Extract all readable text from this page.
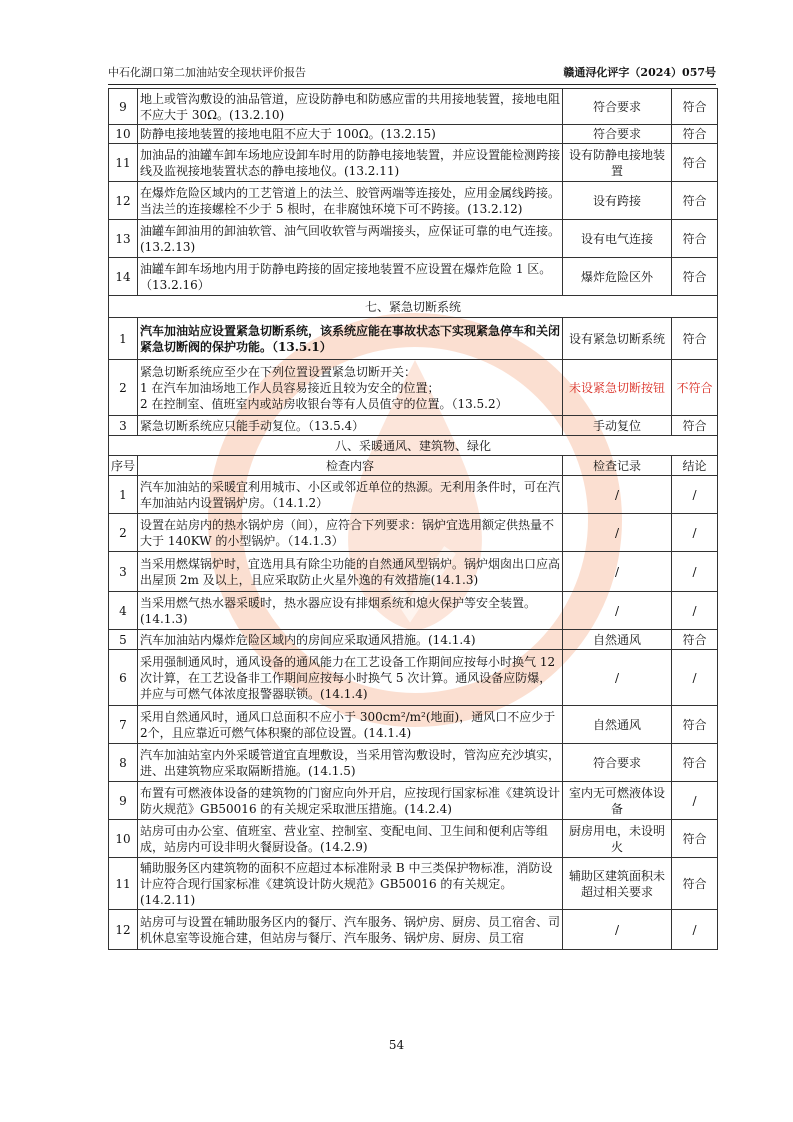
中石化湖口第二加油站安全现状评价报告	赣通浔化评字（2024）057号
9	地上或管沟敷设的油品管道，应设防静电和防感应雷的共用接地装置，接地电阻不应大于 30Ω。(13.2.10)	符合要求	符合
10	防静电接地装置的接地电阻不应大于 100Ω。(13.2.15)	符合要求	符合
11	加油品的油罐车卸车场地应设卸车时用的防静电接地装置，并应设置能检测跨接线及监视接地装置状态的静电接地仪。(13.2.11)	设有防静电接地装置	符合
12	在爆炸危险区域内的工艺管道上的法兰、胶管两端等连接处，应用金属线跨接。当法兰的连接螺栓不少于 5 根时，在非腐蚀环境下可不跨接。(13.2.12)	设有跨接	符合
13	油罐车卸油用的卸油软管、油气回收软管与两端接头，应保证可靠的电气连接。(13.2.13)	设有电气连接	符合
14	油罐车卸车场地内用于防静电跨接的固定接地装置不应设置在爆炸危险 1 区。（13.2.16）	爆炸危险区外	符合
七、紧急切断系统			
1	汽车加油站应设置紧急切断系统，该系统应能在事故状态下实现紧急停车和关闭紧急切断阀的保护功能。（13.5.1）	设有紧急切断系统	符合
2	紧急切断系统应至少在下列位置设置紧急切断开关：
1 在汽车加油场地工作人员容易接近且较为安全的位置；
2 在控制室、值班室内或站房收银台等有人员值守的位置。（13.5.2）	未设紧急切断按钮	不符合
3	紧急切断系统应只能手动复位。（13.5.4）	手动复位	符合
八、采暖通风、建筑物、绿化			
序号	检查内容	检查记录	结论
1	汽车加油站的采暖宜利用城市、小区或邻近单位的热源。无利用条件时，可在汽车加油站内设置锅炉房。（14.1.2）	/	/
2	设置在站房内的热水锅炉房（间），应符合下列要求：锅炉宜选用额定供热量不大于 140KW 的小型锅炉。（14.1.3）	/	/
3	当采用燃煤锅炉时，宜选用具有除尘功能的自然通风型锅炉。锅炉烟囱出口应高出屋顶 2m 及以上，且应采取防止火星外逸的有效措施(14.1.3)	/	/
4	当采用燃气热水器采暖时，热水器应设有排烟系统和熄火保护等安全装置。(14.1.3)	/	/
5	汽车加油站内爆炸危险区域内的房间应采取通风措施。(14.1.4)	自然通风	符合
6	采用强制通风时，通风设备的通风能力在工艺设备工作期间应按每小时换气 12次计算，在工艺设备非工作期间应按每小时换气 5 次计算。通风设备应防爆，并应与可燃气体浓度报警器联锁。(14.1.4)	/	/
7	采用自然通风时，通风口总面积不应小于 300cm²/m²(地面)，通风口不应少于2个，且应靠近可燃气体积聚的部位设置。(14.1.4)	自然通风	符合
8	汽车加油站室内外采暖管道宜直埋敷设，当采用管沟敷设时，管沟应充沙填实，进、出建筑物应采取隔断措施。(14.1.5)	符合要求	符合
9	布置有可燃液体设备的建筑物的门窗应向外开启，应按现行国家标准《建筑设计防火规范》GB50016 的有关规定采取泄压措施。(14.2.4)	室内无可燃液体设备	/
10	站房可由办公室、值班室、营业室、控制室、变配电间、卫生间和便利店等组成，站房内可设非明火餐厨设备。(14.2.9)	厨房用电，未设明火	符合
11	辅助服务区内建筑物的面积不应超过本标准附录 B 中三类保护物标准，消防设计应符合现行国家标准《建筑设计防火规范》GB50016 的有关规定。(14.2.11)	辅助区建筑面积未超过相关要求	符合
12	站房可与设置在辅助服务区内的餐厅、汽车服务、锅炉房、厨房、员工宿舍、司机休息室等设施合建，但站房与餐厅、汽车服务、锅炉房、厨房、员工宿	/	/
54
